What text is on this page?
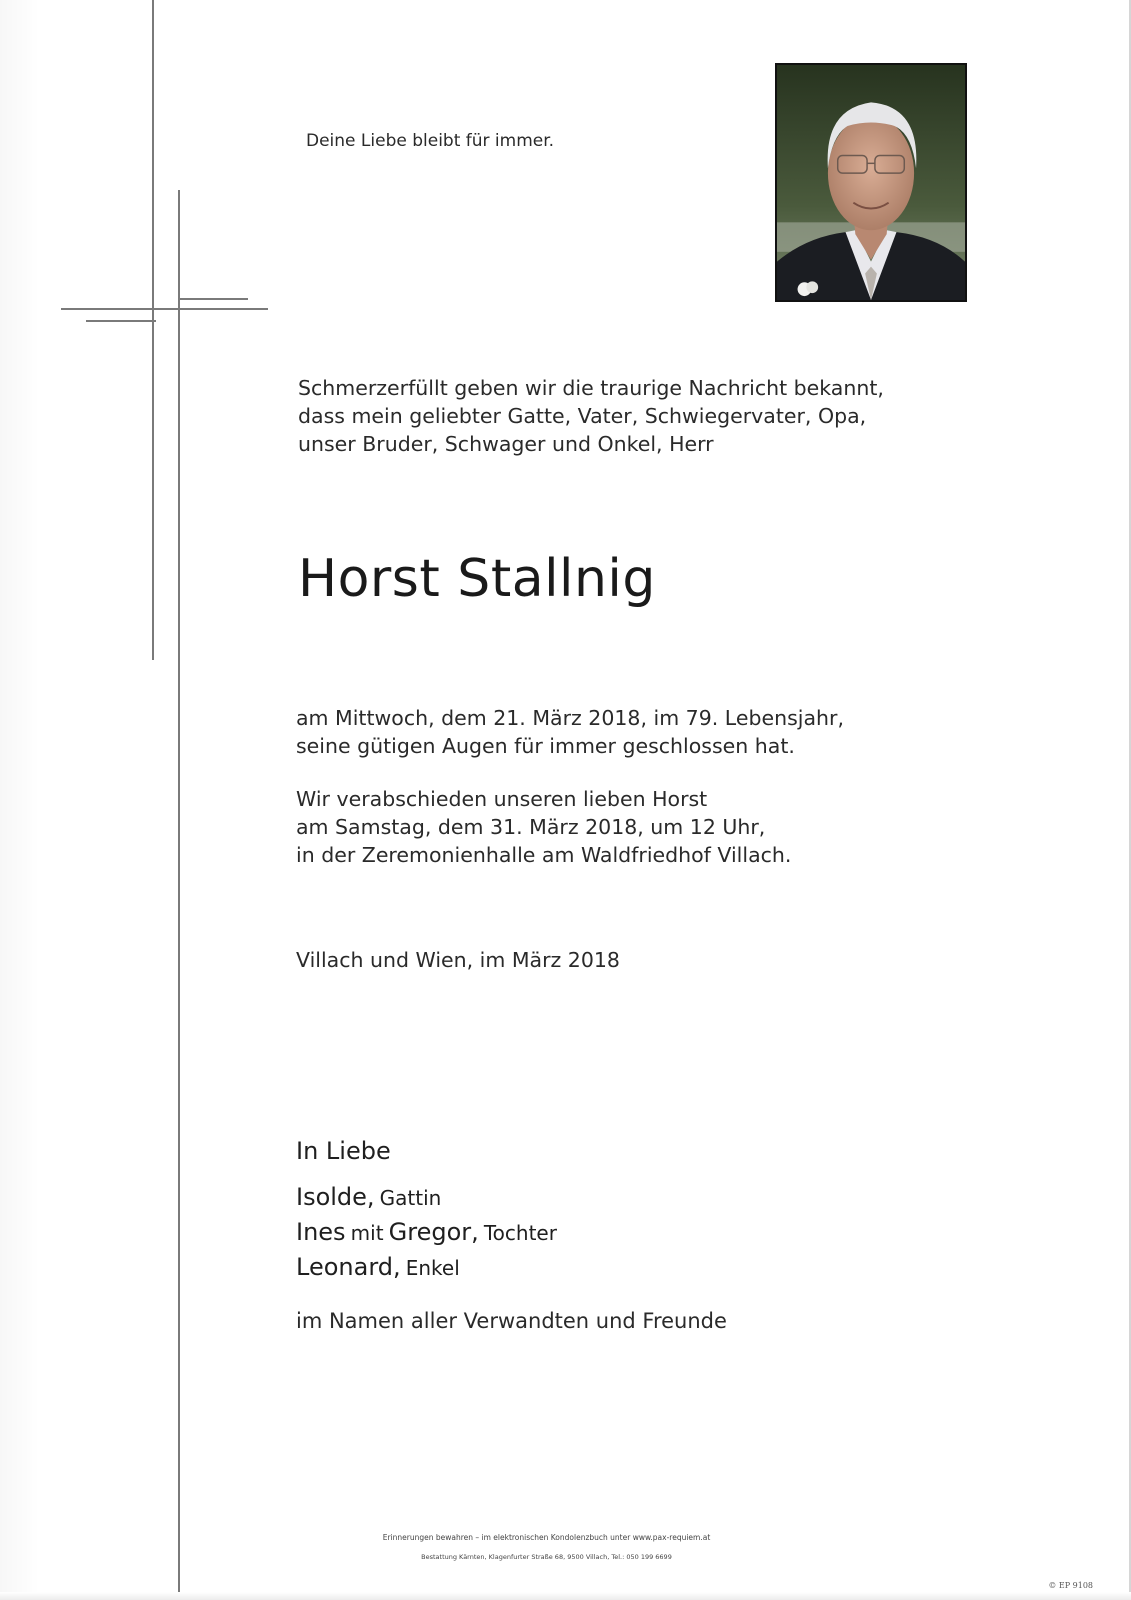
Deine Liebe bleibt für immer.
Schmerzerfüllt geben wir die traurige Nachricht bekannt,
dass mein geliebter Gatte, Vater, Schwiegervater, Opa,
unser Bruder, Schwager und Onkel, Herr
Horst Stallnig
am Mittwoch, dem 21. März 2018, im 79. Lebensjahr,
seine gütigen Augen für immer geschlossen hat.
Wir verabschieden unseren lieben Horst
am Samstag, dem 31. März 2018, um 12 Uhr,
in der Zeremonienhalle am Waldfriedhof Villach.
Villach und Wien, im März 2018
In Liebe
Isolde, Gattin
Ines mit Gregor, Tochter
Leonard, Enkel
im Namen aller Verwandten und Freunde
Erinnerungen bewahren – im elektronischen Kondolenzbuch unter www.pax-requiem.at
Bestattung Kärnten, Klagenfurter Straße 68, 9500 Villach, Tel.: 050 199 6699
© EP 9108
